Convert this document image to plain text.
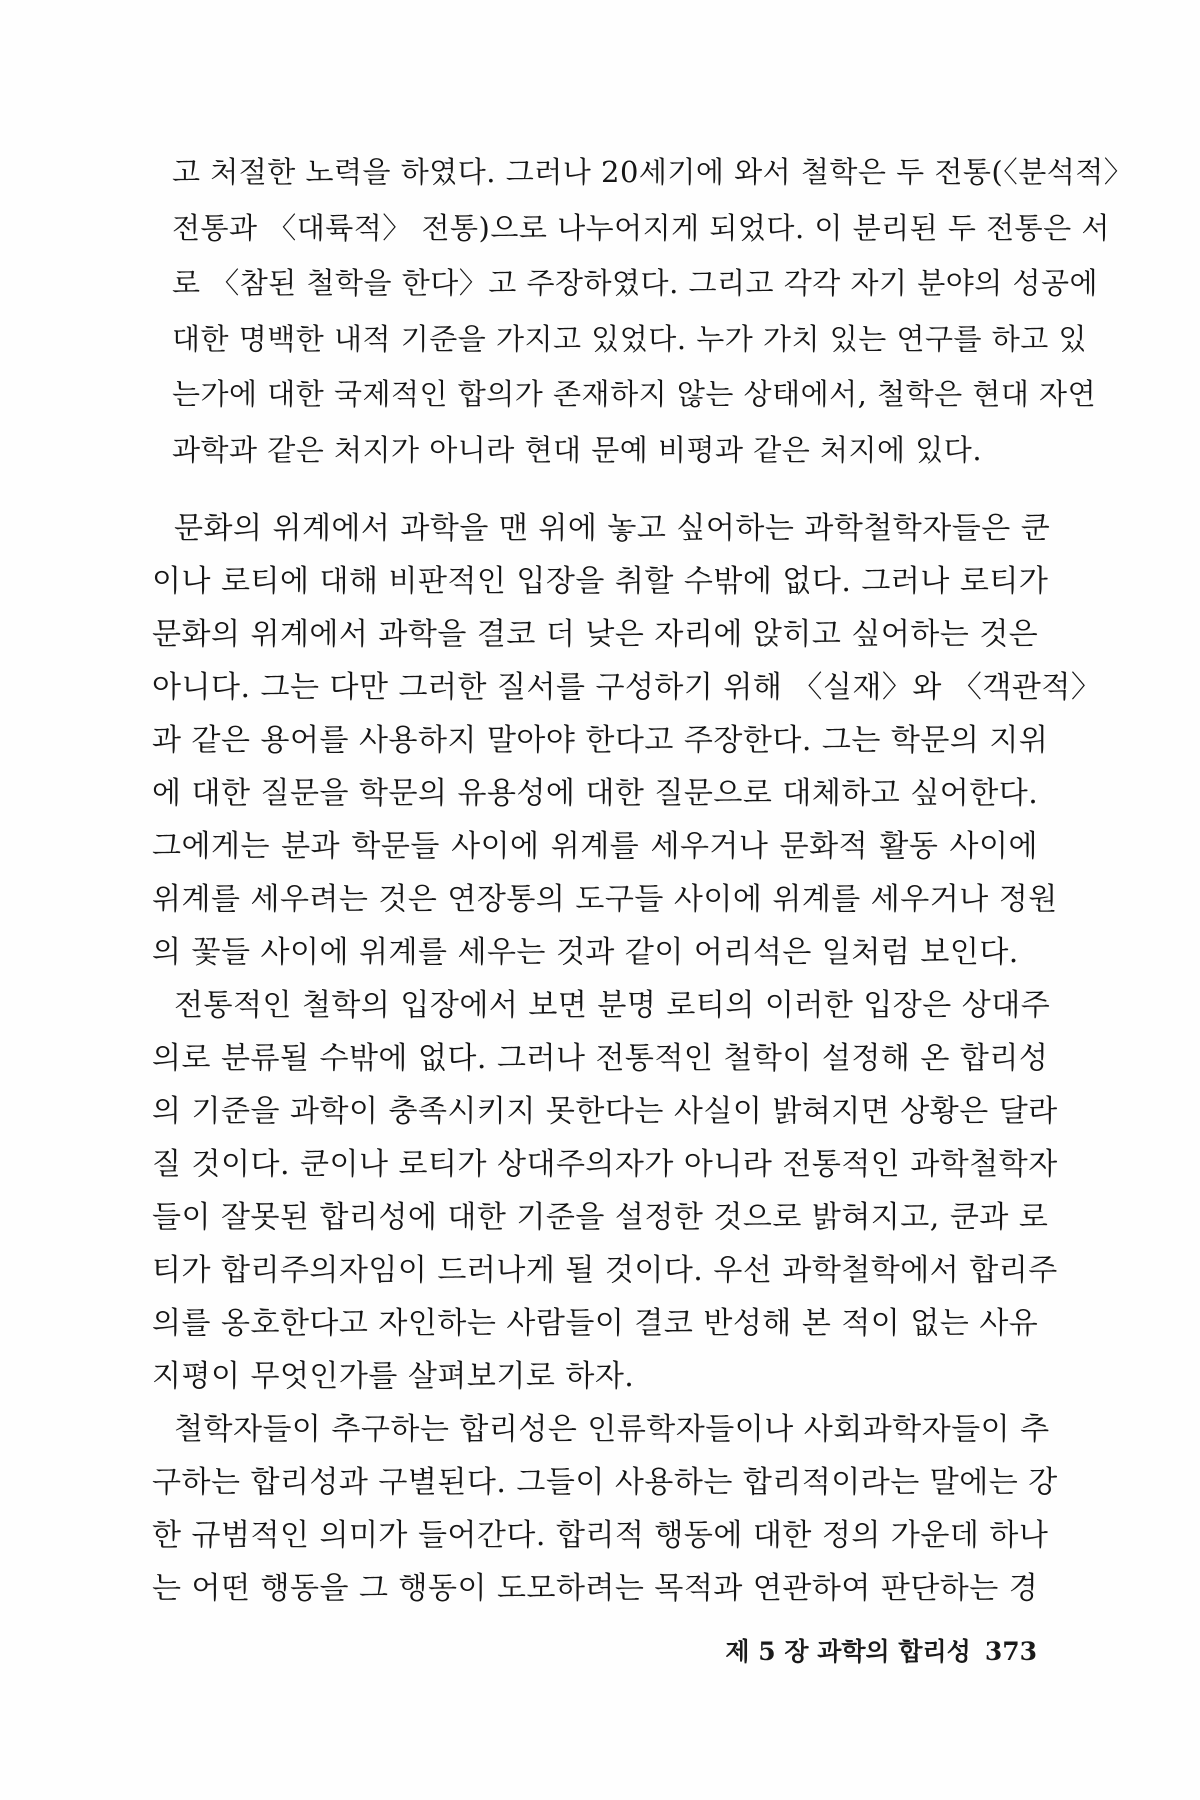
고 처절한 노력을 하였다. 그러나 20세기에 와서 철학은 두 전통(〈분석적〉
전통과 〈대륙적〉 전통)으로 나누어지게 되었다. 이 분리된 두 전통은 서
로 〈참된 철학을 한다〉고 주장하였다. 그리고 각각 자기 분야의 성공에
대한 명백한 내적 기준을 가지고 있었다. 누가 가치 있는 연구를 하고 있
는가에 대한 국제적인 합의가 존재하지 않는 상태에서, 철학은 현대 자연
과학과 같은 처지가 아니라 현대 문예 비평과 같은 처지에 있다.
문화의 위계에서 과학을 맨 위에 놓고 싶어하는 과학철학자들은 쿤
이나 로티에 대해 비판적인 입장을 취할 수밖에 없다. 그러나 로티가
문화의 위계에서 과학을 결코 더 낮은 자리에 앉히고 싶어하는 것은
아니다. 그는 다만 그러한 질서를 구성하기 위해 〈실재〉와 〈객관적〉
과 같은 용어를 사용하지 말아야 한다고 주장한다. 그는 학문의 지위
에 대한 질문을 학문의 유용성에 대한 질문으로 대체하고 싶어한다.
그에게는 분과 학문들 사이에 위계를 세우거나 문화적 활동 사이에
위계를 세우려는 것은 연장통의 도구들 사이에 위계를 세우거나 정원
의 꽃들 사이에 위계를 세우는 것과 같이 어리석은 일처럼 보인다.
전통적인 철학의 입장에서 보면 분명 로티의 이러한 입장은 상대주
의로 분류될 수밖에 없다. 그러나 전통적인 철학이 설정해 온 합리성
의 기준을 과학이 충족시키지 못한다는 사실이 밝혀지면 상황은 달라
질 것이다. 쿤이나 로티가 상대주의자가 아니라 전통적인 과학철학자
들이 잘못된 합리성에 대한 기준을 설정한 것으로 밝혀지고, 쿤과 로
티가 합리주의자임이 드러나게 될 것이다. 우선 과학철학에서 합리주
의를 옹호한다고 자인하는 사람들이 결코 반성해 본 적이 없는 사유
지평이 무엇인가를 살펴보기로 하자.
철학자들이 추구하는 합리성은 인류학자들이나 사회과학자들이 추
구하는 합리성과 구별된다. 그들이 사용하는 합리적이라는 말에는 강
한 규범적인 의미가 들어간다. 합리적 행동에 대한 정의 가운데 하나
는 어떤 행동을 그 행동이 도모하려는 목적과 연관하여 판단하는 경
제 5 장 과학의 합리성 373
